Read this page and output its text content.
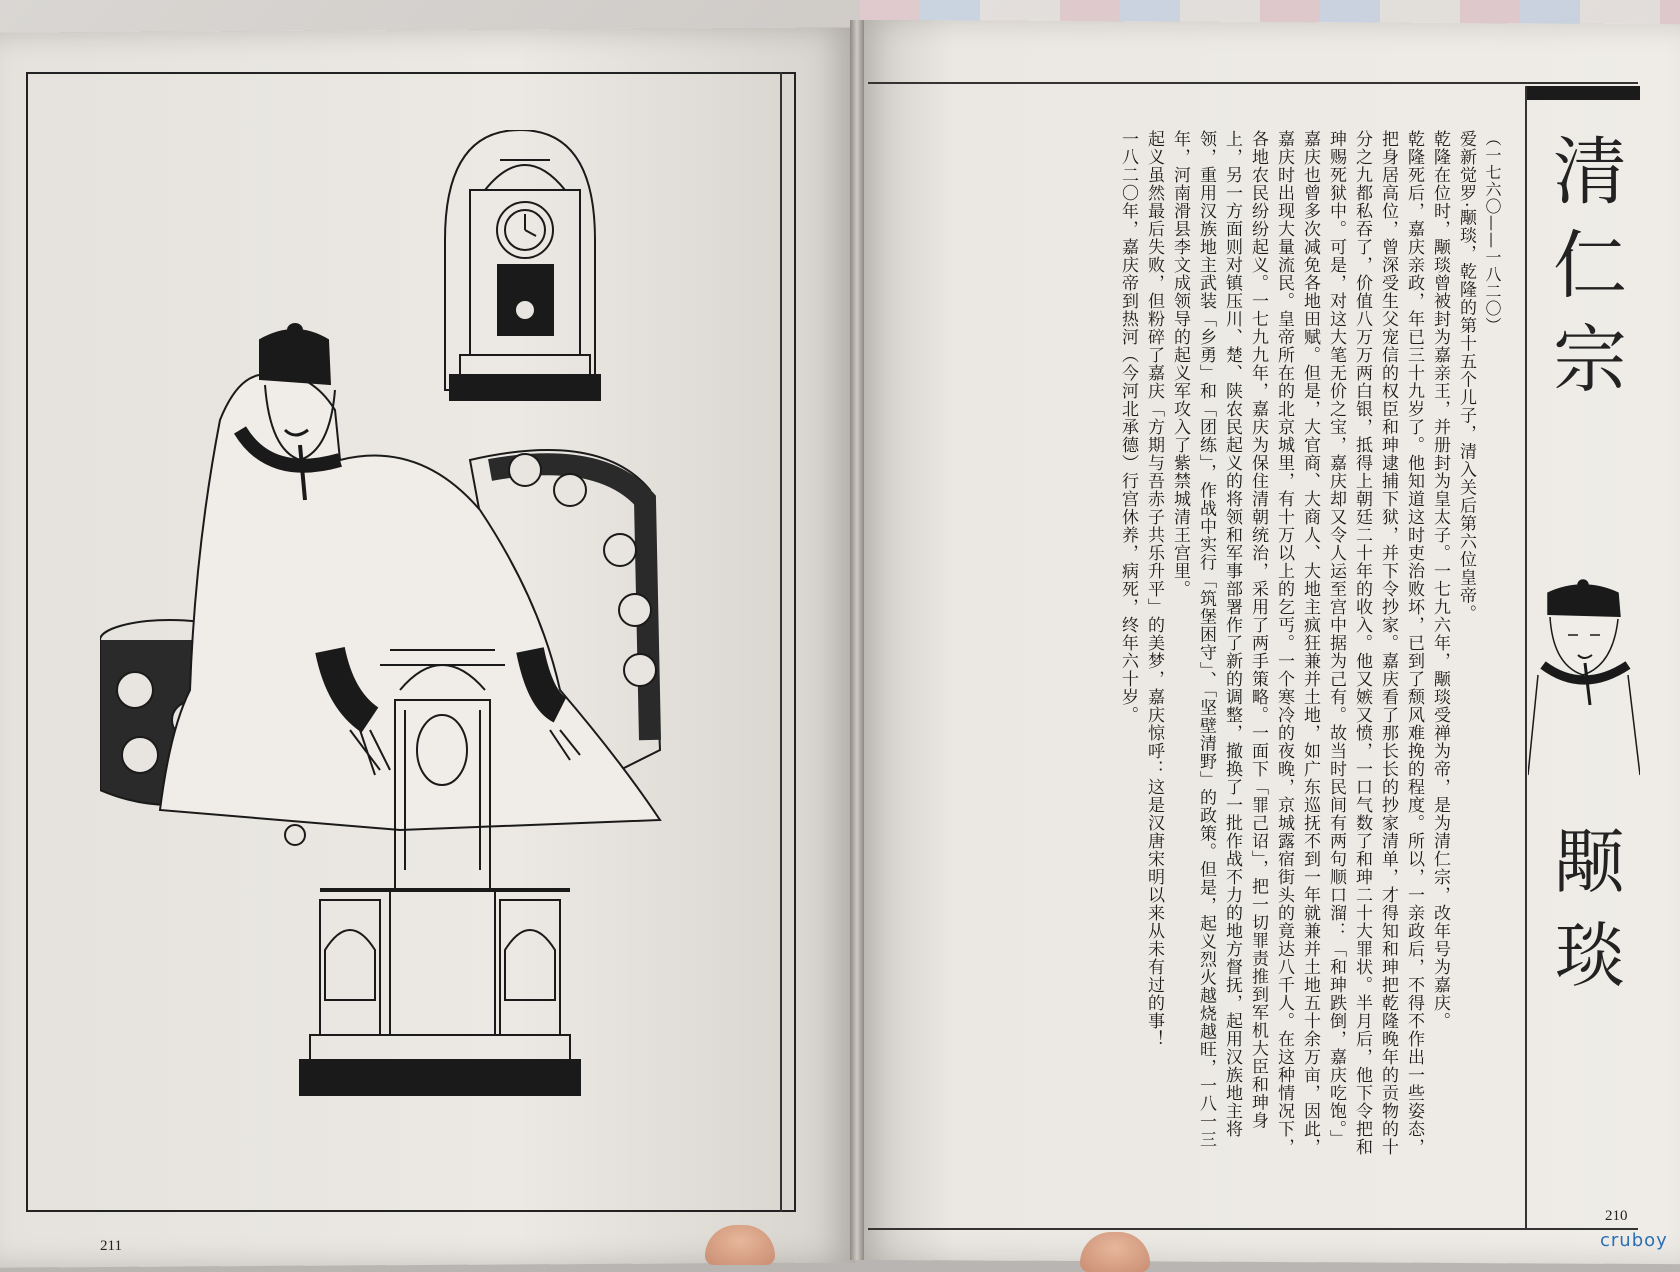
211
清仁宗
颙琰

（一七六〇——一八二〇）

爱新觉罗·颙琰，乾隆的第十五个儿子，清入关后第六位皇帝。

乾隆在位时，颙琰曾被封为嘉亲王，并册封为皇太子。一七九六年，颙琰受禅为帝，是为清仁宗，改年号为嘉庆。

乾隆死后，嘉庆亲政，年已三十九岁了。他知道这时吏治败坏，已到了颓风难挽的程度。所以，一亲政后，不得不作出一些姿态，把身居高位，曾深受生父宠信的权臣和珅逮捕下狱，并下令抄家。嘉庆看了那长长的抄家清单，才得知和珅把乾隆晚年的贡物的十分之九都私吞了，价值八万万两白银，抵得上朝廷二十年的收入。他又嫉又愤，一口气数了和珅二十大罪状。半月后，他下令把和珅赐死狱中。可是，对这大笔无价之宝，嘉庆却又令人运至宫中据为己有。故当时民间有两句顺口溜：「和珅跌倒，嘉庆吃饱。」

嘉庆也曾多次减免各地田赋。但是，大官商、大商人、大地主疯狂兼并土地，如广东巡抚不到一年就兼并土地五十余万亩，因此，嘉庆时出现大量流民。皇帝所在的北京城里，有十万以上的乞丐。一个寒冷的夜晚，京城露宿街头的竟达八千人。在这种情况下，各地农民纷纷起义。一七九九年，嘉庆为保住清朝统治，采用了两手策略。一面下「罪己诏」，把一切罪责推到军机大臣和珅身上，另一方面则对镇压川、楚、陕农民起义的将领和军事部署作了新的调整，撤换了一批作战不力的地方督抚，起用汉族地主将领，重用汉族地主武装「乡勇」和「团练」，作战中实行「筑堡困守」、「坚壁清野」的政策。但是，起义烈火越烧越旺，一八一三年，河南滑县李文成领导的起义军攻入了紫禁城清王宫里。

起义虽然最后失败，但粉碎了嘉庆「方期与吾赤子共乐升平」的美梦，嘉庆惊呼：这是汉唐宋明以来从未有过的事！

一八二〇年，嘉庆帝到热河（今河北承德）行宫休养，病死，终年六十岁。

210
cruboy
